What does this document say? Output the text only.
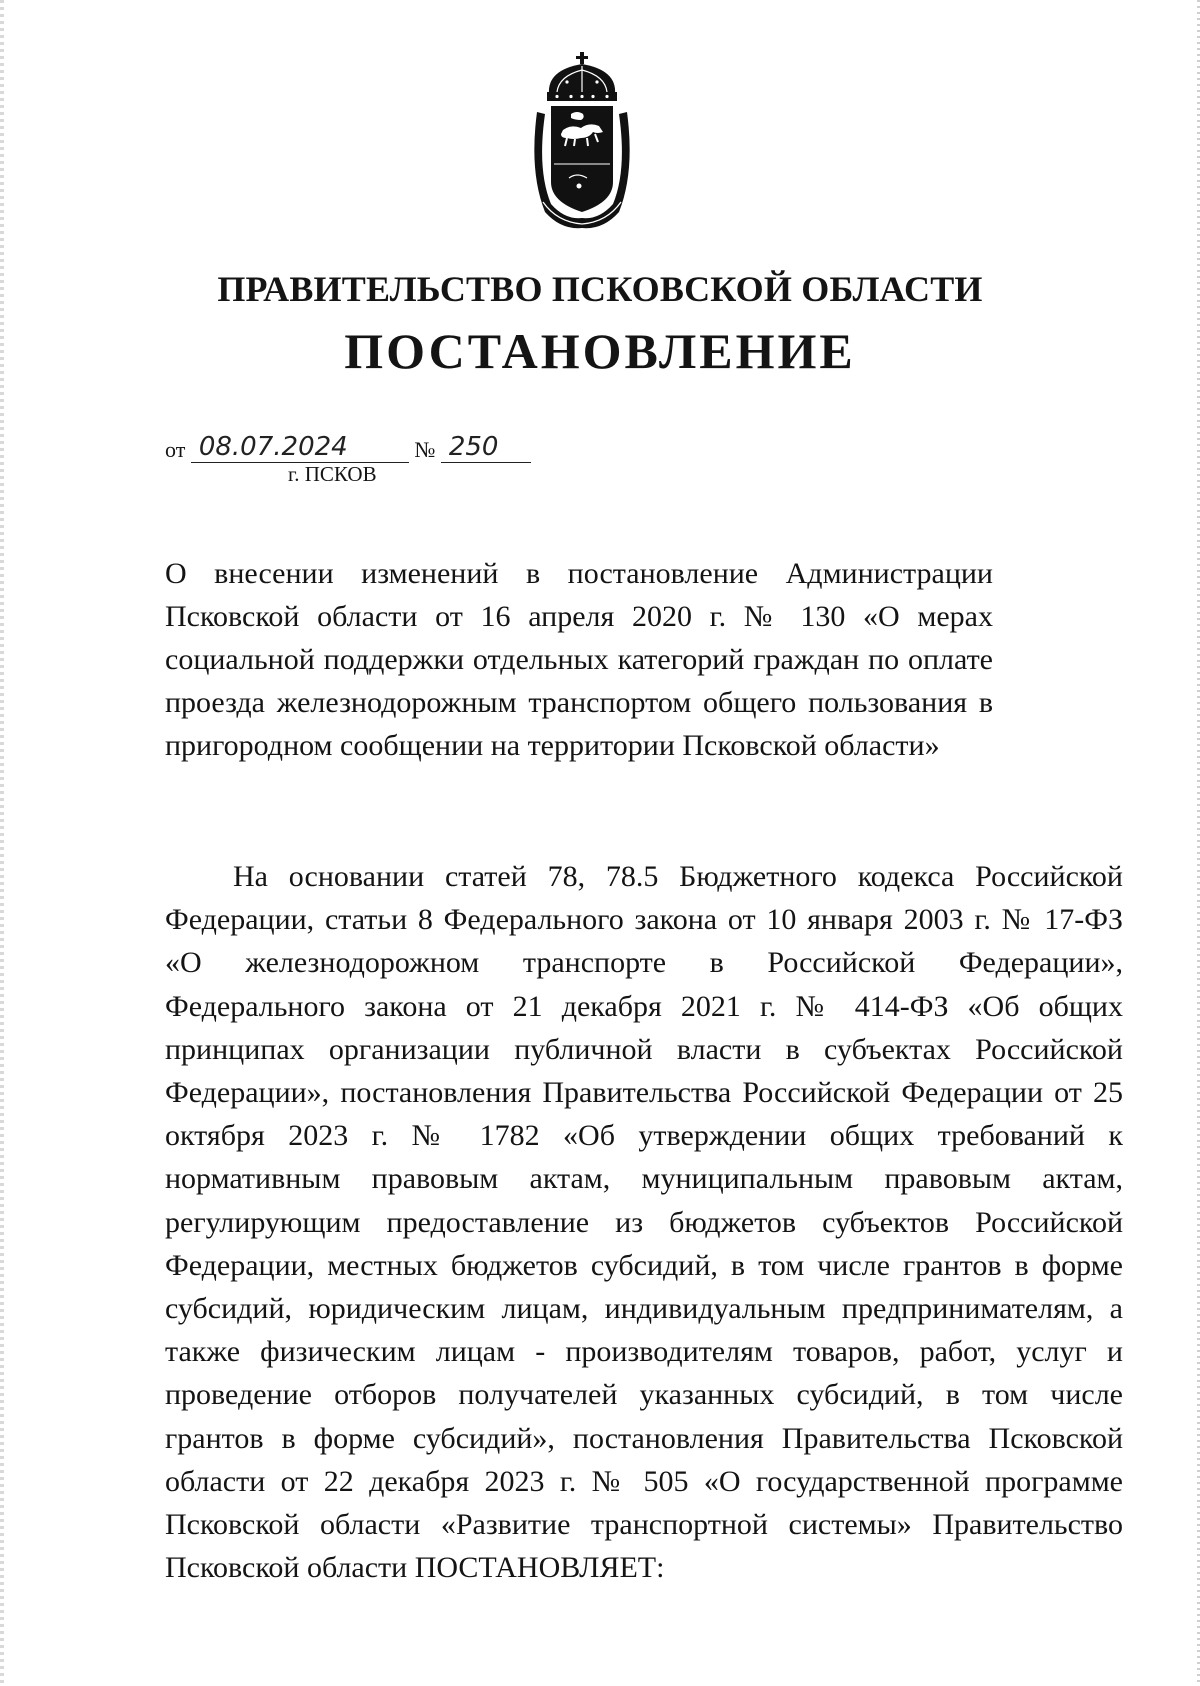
ПРАВИТЕЛЬСТВО ПСКОВСКОЙ ОБЛАСТИ
ПОСТАНОВЛЕНИЕ
от 08.07.2024	№ 250
г. ПСКОВ

О внесении изменений в постановление Администрации Псковской области от 16 апреля 2020 г. № 130 «О мерах социальной поддержки отдельных категорий граждан по оплате проезда железнодорожным транспортом общего пользования в пригородном сообщении на территории Псковской области»

На основании статей 78, 78.5 Бюджетного кодекса Российской Федерации, статьи 8 Федерального закона от 10 января 2003 г. № 17-ФЗ «О железнодорожном транспорте в Российской Федерации», Федерального закона от 21 декабря 2021 г. № 414-ФЗ «Об общих принципах организации публичной власти в субъектах Российской Федерации», постановления Правительства Российской Федерации от 25 октября 2023 г. № 1782 «Об утверждении общих требований к нормативным правовым актам, муниципальным правовым актам, регулирующим предоставление из бюджетов субъектов Российской Федерации, местных бюджетов субсидий, в том числе грантов в форме субсидий, юридическим лицам, индивидуальным предпринимателям, а также физическим лицам - производителям товаров, работ, услуг и проведение отборов получателей указанных субсидий, в том числе грантов в форме субсидий», постановления Правительства Псковской области от 22 декабря 2023 г. № 505 «О государственной программе Псковской области «Развитие транспортной системы» Правительство Псковской области ПОСТАНОВЛЯЕТ:
